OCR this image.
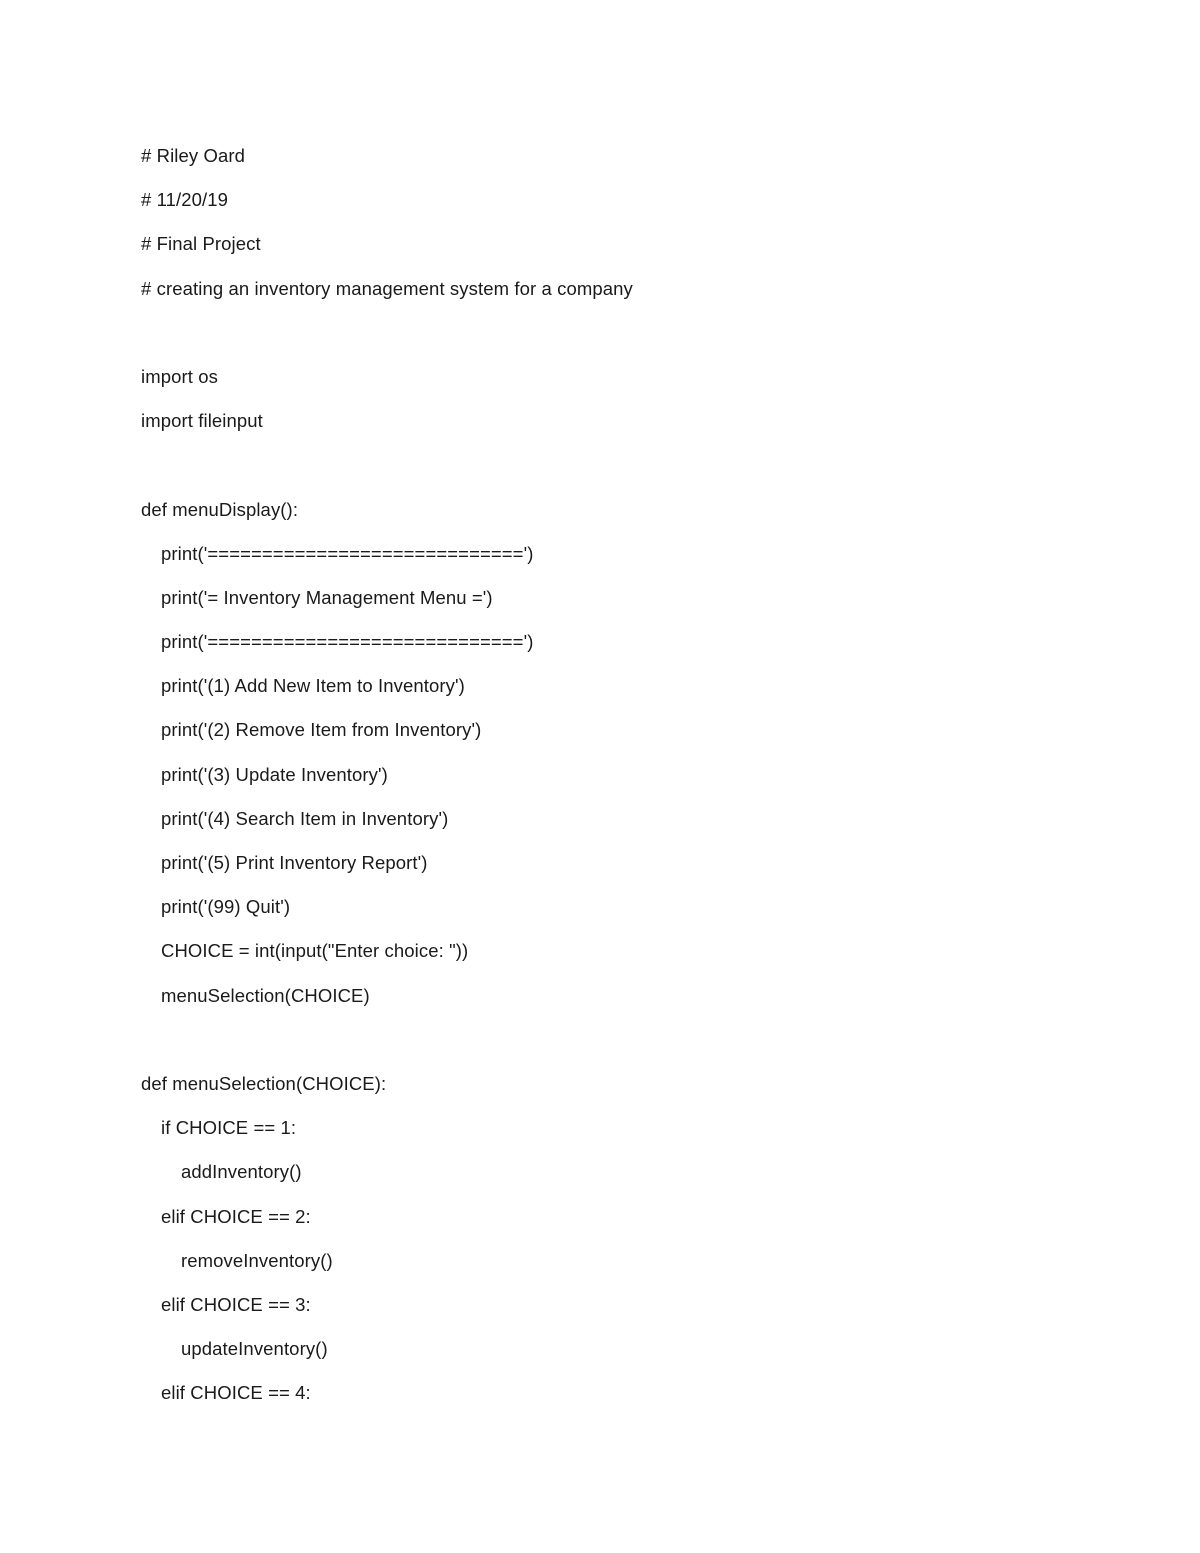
# Riley Oard
# 11/20/19
# Final Project
# creating an inventory management system for a company
import os
import fileinput
def menuDisplay():
print('=============================')
print('= Inventory Management Menu =')
print('=============================')
print('(1) Add New Item to Inventory')
print('(2) Remove Item from Inventory')
print('(3) Update Inventory')
print('(4) Search Item in Inventory')
print('(5) Print Inventory Report')
print('(99) Quit')
CHOICE = int(input("Enter choice: "))
menuSelection(CHOICE)
def menuSelection(CHOICE):
if CHOICE == 1:
addInventory()
elif CHOICE == 2:
removeInventory()
elif CHOICE == 3:
updateInventory()
elif CHOICE == 4:
